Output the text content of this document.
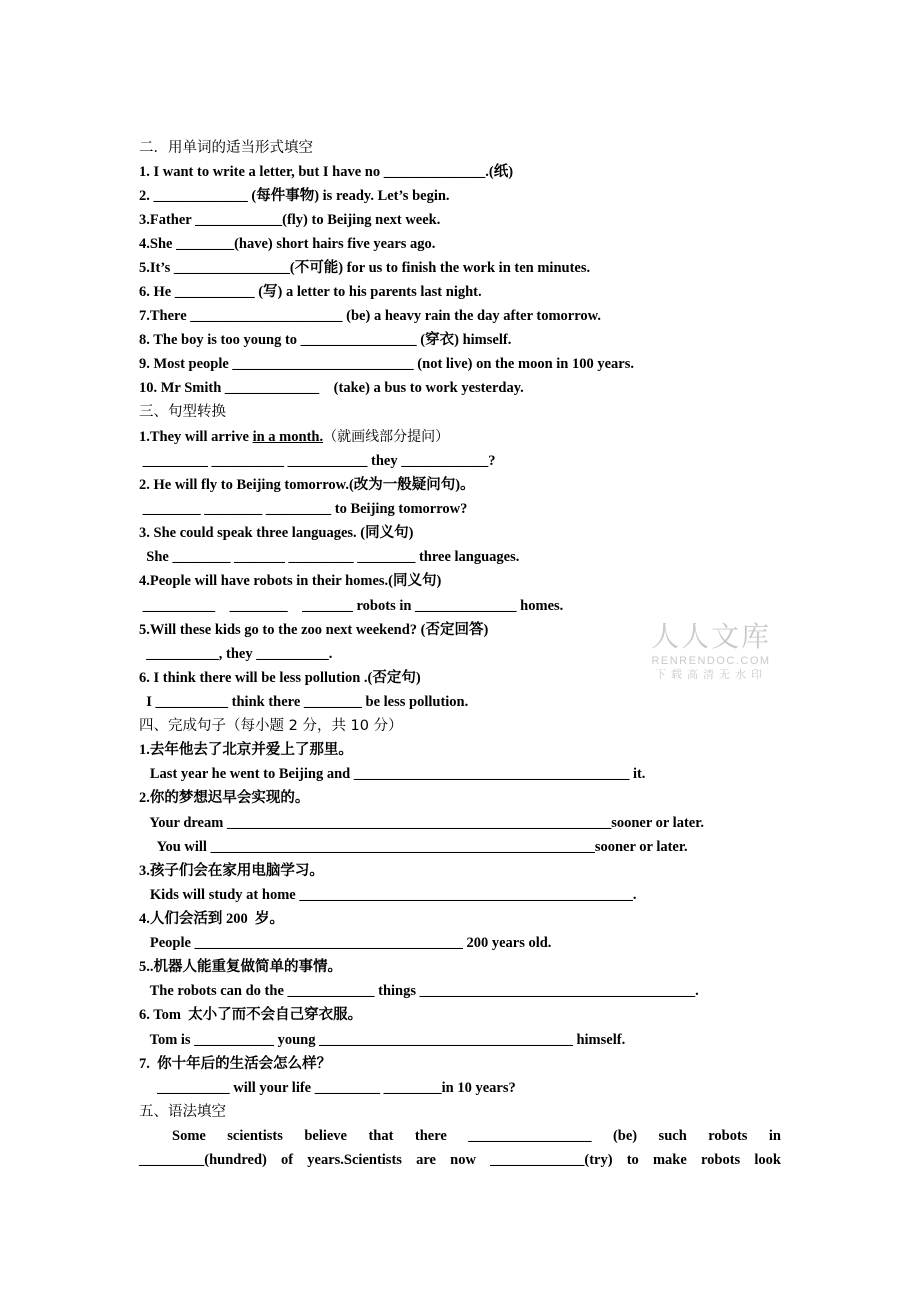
二．用单词的适当形式填空
1. I want to write a letter, but I have no ______________.(纸)
2. _____________ (每件事物) is ready. Let’s begin.
3.Father ____________(fly) to Beijing next week.
4.She ________(have) short hairs five years ago.
5.It’s ________________(不可能) for us to finish the work in ten minutes.
6. He ___________ (写) a letter to his parents last night.
7.There _____________________ (be) a heavy rain the day after tomorrow.
8. The boy is too young to ________________ (穿衣) himself.
9. Most people _________________________ (not live) on the moon in 100 years.
10. Mr Smith _____________    (take) a bus to work yesterday.
三、句型转换
1.They will arrive in a month.（就画线部分提问）
_________ __________ ___________ they ____________?
2. He will fly to Beijing tomorrow.(改为一般疑问句)。
________ ________ _________ to Beijing tomorrow?
3. She could speak three languages. (同义句)
She ________ _______ _________ ________ three languages.
4.People will have robots in their homes.(同义句)
__________    ________    _______ robots in ______________ homes.
5.Will these kids go to the zoo next weekend? (否定回答)
__________, they __________.
6. I think there will be less pollution .(否定句)
I __________ think there ________ be less pollution.
四、完成句子（每小题 2 分，共 10 分）
1.去年他去了北京并爱上了那里。
Last year he went to Beijing and ______________________________________ it.
2.你的梦想迟早会实现的。
Your dream _____________________________________________________sooner or later.
You will _____________________________________________________sooner or later.
3.孩子们会在家用电脑学习。
Kids will study at home ______________________________________________.
4.人们会活到 200  岁。
People _____________________________________ 200 years old.
5..机器人能重复做简单的事情。
The robots can do the ____________ things ______________________________________.
6. Tom  太小了而不会自己穿衣服。
Tom is ___________ young ___________________________________ himself.
7.  你十年后的生活会怎么样？
__________ will your life _________ ________in 10 years?
五、语法填空
Some scientists believe that there _________________ (be) such robots in
_________(hundred) of years.Scientists are now _____________(try) to make robots look
人人文库
RENRENDOC.COM
下载高清无水印
